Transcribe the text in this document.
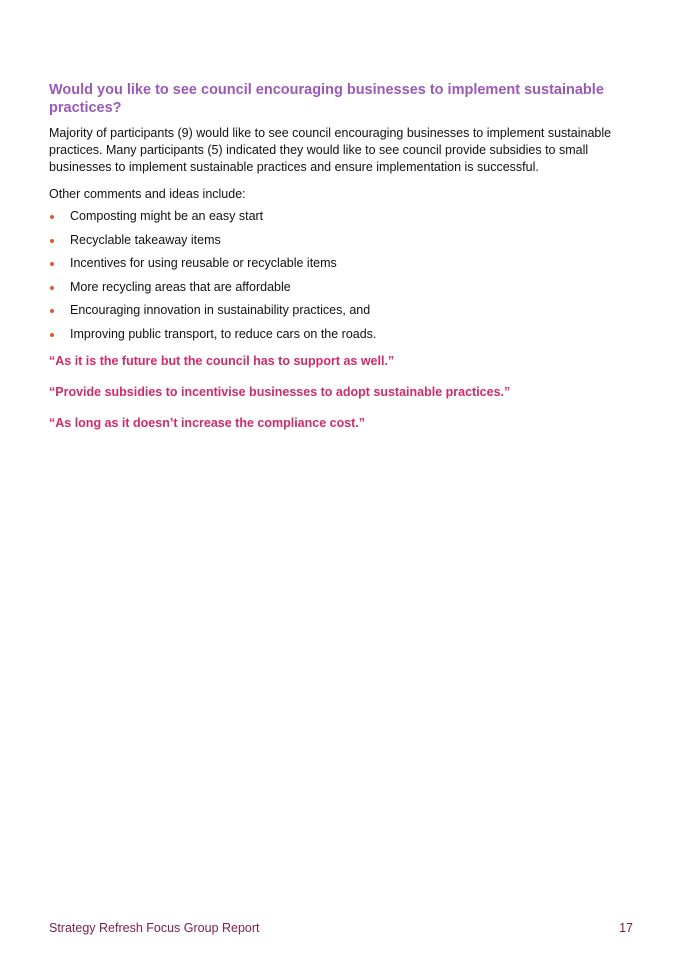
Would you like to see council encouraging businesses to implement sustainable practices?

Majority of participants (9) would like to see council encouraging businesses to implement sustainable practices. Many participants (5) indicated they would like to see council provide subsidies to small businesses to implement sustainable practices and ensure implementation is successful.

Other comments and ideas include:

Composting might be an easy start
Recyclable takeaway items
Incentives for using reusable or recyclable items
More recycling areas that are affordable
Encouraging innovation in sustainability practices, and
Improving public transport, to reduce cars on the roads.

“As it is the future but the council has to support as well.”

“Provide subsidies to incentivise businesses to adopt sustainable practices.”

“As long as it doesn’t increase the compliance cost.”

Strategy Refresh Focus Group Report	17
